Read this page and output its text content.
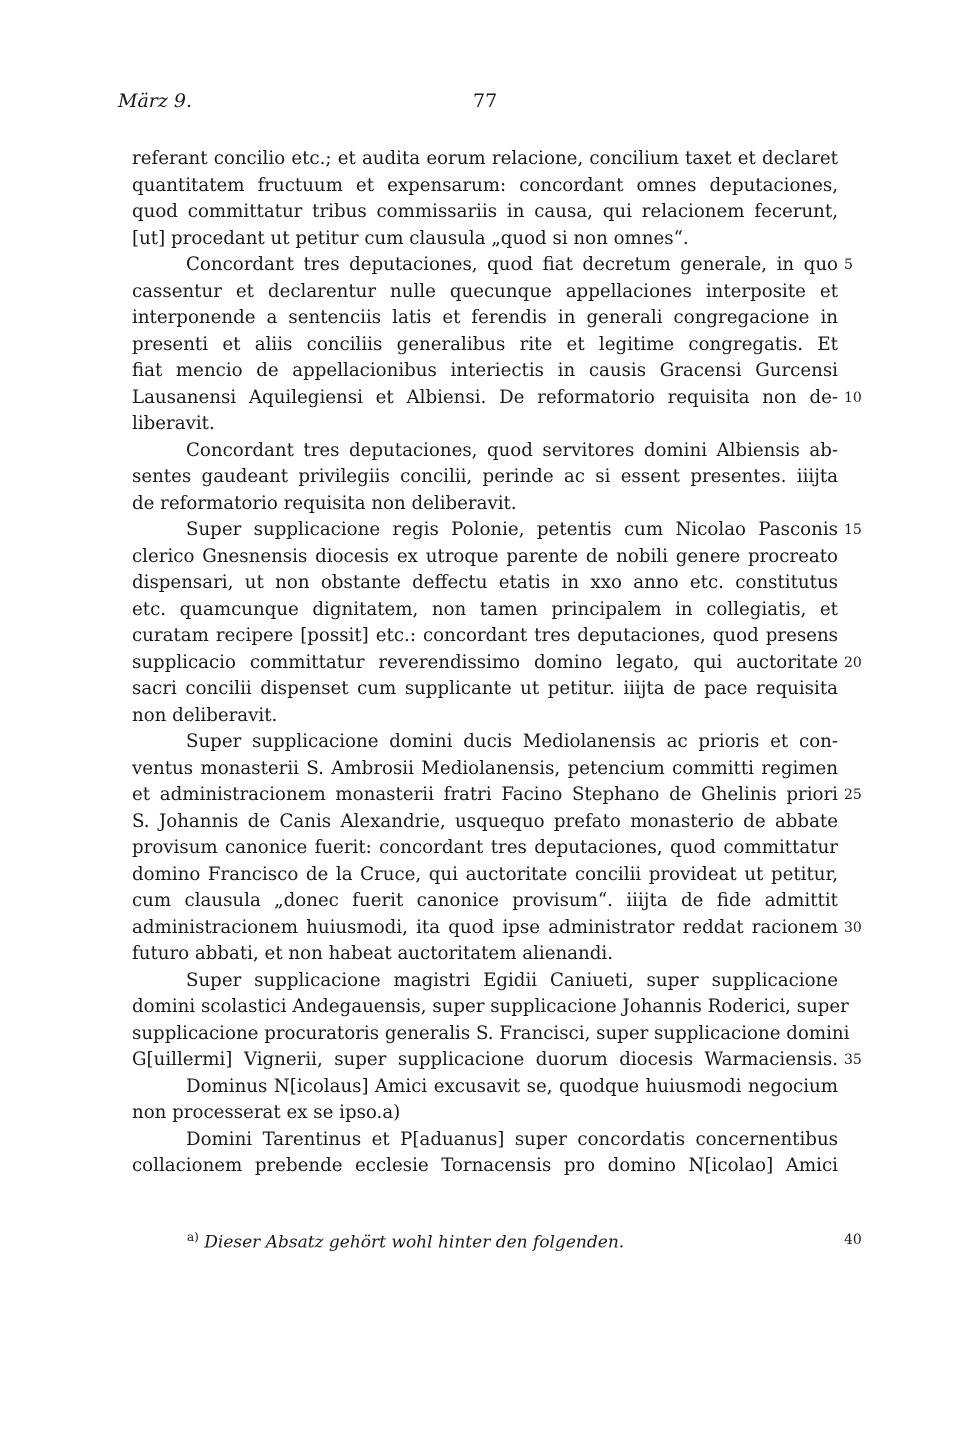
März 9.	77
referant concilio etc.; et audita eorum relacione, concilium taxet et declaret
quantitatem fructuum et expensarum: concordant omnes deputaciones,
quod committatur tribus commissariis in causa, qui relacionem fecerunt,
[ut] procedant ut petitur cum clausula „quod si non omnes“.
Concordant tres deputaciones, quod fiat decretum generale, in quo 5
cassentur et declarentur nulle quecunque appellaciones interposite et
interponende a sentenciis latis et ferendis in generali congregacione in
presenti et aliis conciliis generalibus rite et legitime congregatis. Et
fiat mencio de appellacionibus interiectis in causis Gracensi Gurcensi
Lausanensi Aquilegiensi et Albiensi. De reformatorio requisita non de- 10
liberavit.
Concordant tres deputaciones, quod servitores domini Albiensis ab-
sentes gaudeant privilegiis concilii, perinde ac si essent presentes. iiijta
de reformatorio requisita non deliberavit.
Super supplicacione regis Polonie, petentis cum Nicolao Pasconis 15
clerico Gnesnensis diocesis ex utroque parente de nobili genere procreato
dispensari, ut non obstante deffectu etatis in xxo anno etc. constitutus
etc. quamcunque dignitatem, non tamen principalem in collegiatis, et
curatam recipere [possit] etc.: concordant tres deputaciones, quod presens
supplicacio committatur reverendissimo domino legato, qui auctoritate 20
sacri concilii dispenset cum supplicante ut petitur. iiijta de pace requisita
non deliberavit.
Super supplicacione domini ducis Mediolanensis ac prioris et con-
ventus monasterii S. Ambrosii Mediolanensis, petencium committi regimen
et administracionem monasterii fratri Facino Stephano de Ghelinis priori 25
S. Johannis de Canis Alexandrie, usquequo prefato monasterio de abbate
provisum canonice fuerit: concordant tres deputaciones, quod committatur
domino Francisco de la Cruce, qui auctoritate concilii provideat ut petitur,
cum clausula „donec fuerit canonice provisum“. iiijta de fide admittit
administracionem huiusmodi, ita quod ipse administrator reddat racionem 30
futuro abbati, et non habeat auctoritatem alienandi.
Super supplicacione magistri Egidii Caniueti, super supplicacione
domini scolastici Andegauensis, super supplicacione Johannis Roderici, super
supplicacione procuratoris generalis S. Francisci, super supplicacione domini
G[uillermi] Vignerii, super supplicacione duorum diocesis Warmaciensis. 35
Dominus N[icolaus] Amici excusavit se, quodque huiusmodi negocium
non processerat ex se ipso.a)
Domini Tarentinus et P[aduanus] super concordatis concernentibus
collacionem prebende ecclesie Tornacensis pro domino N[icolao] Amici
$^{a)}$ Dieser Absatz gehört wohl hinter den folgenden.	40
